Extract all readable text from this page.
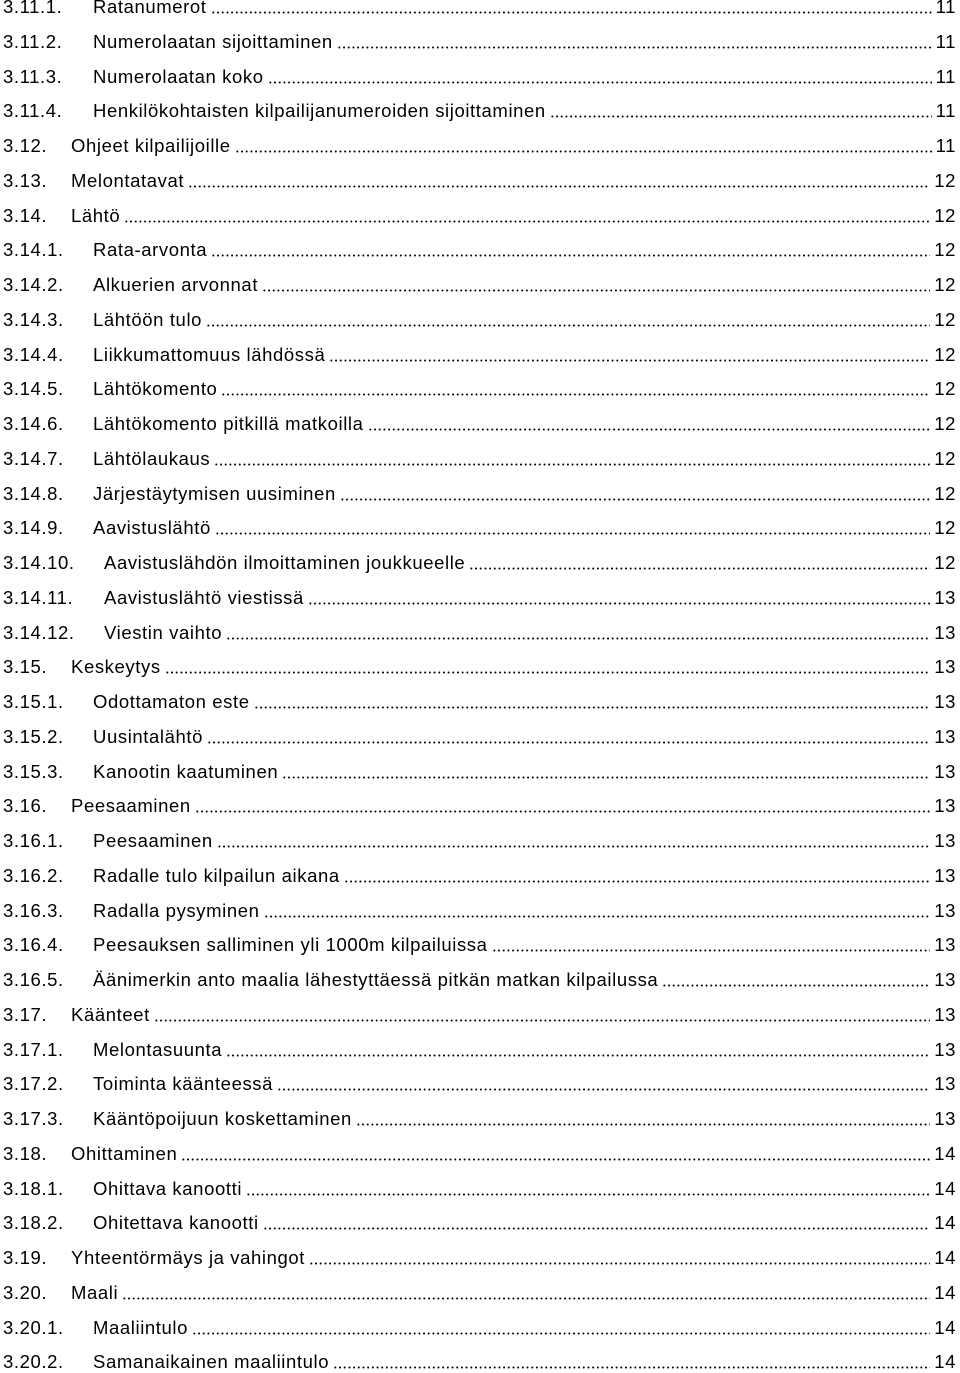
3.11.1. Ratanumerot	11
3.11.2. Numerolaatan sijoittaminen	11
3.11.3. Numerolaatan koko	11
3.11.4. Henkilökohtaisten kilpailijanumeroiden sijoittaminen	11
3.12. Ohjeet kilpailijoille	11
3.13. Melontatavat	12
3.14. Lähtö	12
3.14.1. Rata-arvonta	12
3.14.2. Alkuerien arvonnat	12
3.14.3. Lähtöön tulo	12
3.14.4. Liikkumattomuus lähdössä	12
3.14.5. Lähtökomento	12
3.14.6. Lähtökomento pitkillä matkoilla	12
3.14.7. Lähtölaukaus	12
3.14.8. Järjestäytymisen uusiminen	12
3.14.9. Aavistuslähtö	12
3.14.10. Aavistuslähdön ilmoittaminen joukkueelle	12
3.14.11. Aavistuslähtö viestissä	13
3.14.12. Viestin vaihto	13
3.15. Keskeytys	13
3.15.1. Odottamaton este	13
3.15.2. Uusintalähtö	13
3.15.3. Kanootin kaatuminen	13
3.16. Peesaaminen	13
3.16.1. Peesaaminen	13
3.16.2. Radalle tulo kilpailun aikana	13
3.16.3. Radalla pysyminen	13
3.16.4. Peesauksen salliminen yli 1000m kilpailuissa	13
3.16.5. Äänimerkin anto maalia lähestyttäessä pitkän matkan kilpailussa	13
3.17. Käänteet	13
3.17.1. Melontasuunta	13
3.17.2. Toiminta käänteessä	13
3.17.3. Kääntöpoijuun koskettaminen	13
3.18. Ohittaminen	14
3.18.1. Ohittava kanootti	14
3.18.2. Ohitettava kanootti	14
3.19. Yhteentörmäys ja vahingot	14
3.20. Maali	14
3.20.1. Maaliintulo	14
3.20.2. Samanaikainen maaliintulo	14
